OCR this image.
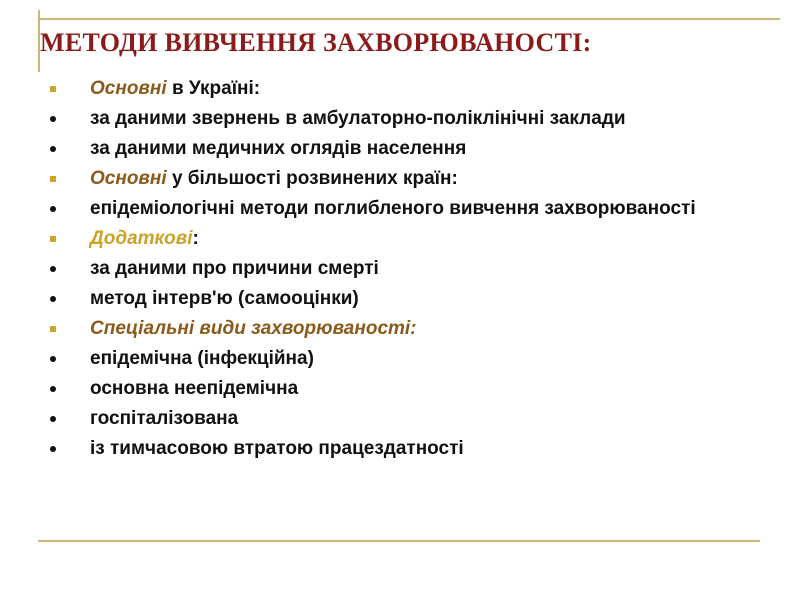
МЕТОДИ ВИВЧЕННЯ ЗАХВОРЮВАНОСТІ:
Основні в Україні:
за даними звернень в амбулаторно-поліклінічні заклади
за даними медичних оглядів населення
Основні у більшості розвинених країн:
епідеміологічні методи поглибленого вивчення захворюваності
Додаткові:
за даними про причини смерті
метод інтерв'ю (самооцінки)
Спеціальні види захворюваності:
епідемічна (інфекційна)
основна неепідемічна
госпіталізована
із тимчасовою втратою працездатності
